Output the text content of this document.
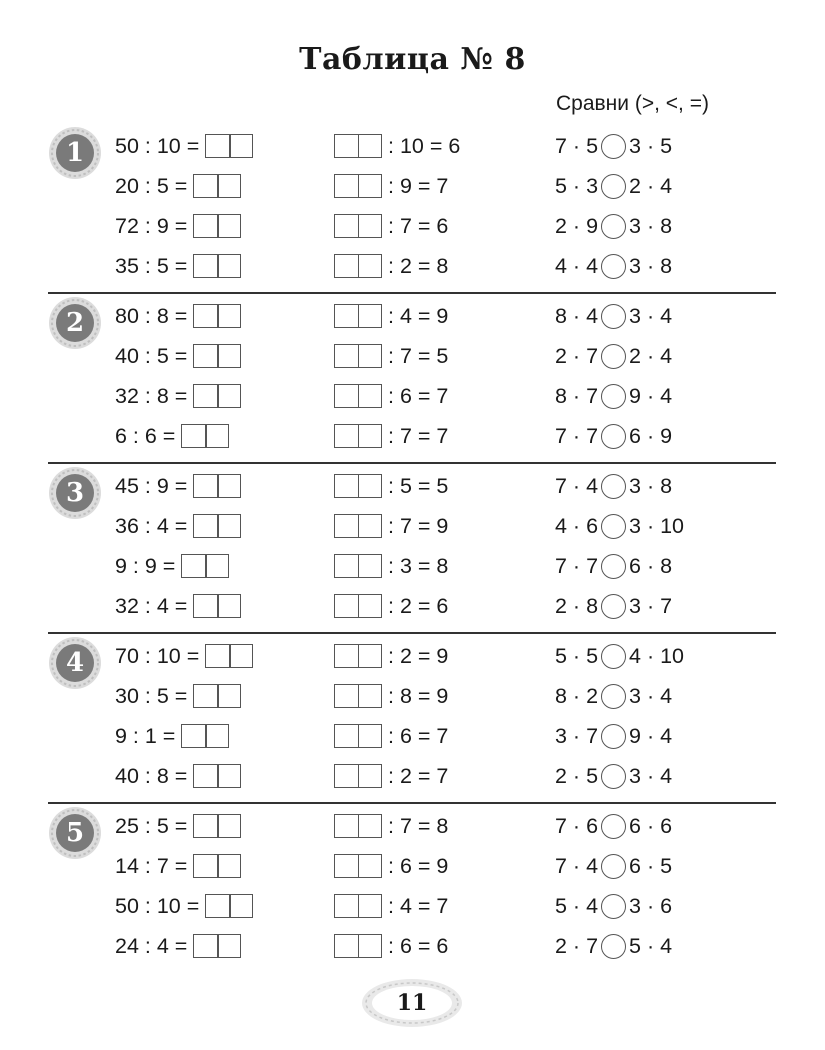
Таблица № 8
Сравни (>, <, =)
1	50 : 10 =	: 10 = 6	7 · 5 3 · 5
20 : 5 =	: 9 = 7	5 · 3 2 · 4
72 : 9 =	: 7 = 6	2 · 9 3 · 8
35 : 5 =	: 2 = 8	4 · 4 3 · 8
2	80 : 8 =	: 4 = 9	8 · 4 3 · 4
40 : 5 =	: 7 = 5	2 · 7 2 · 4
32 : 8 =	: 6 = 7	8 · 7 9 · 4
6 : 6 =	: 7 = 7	7 · 7 6 · 9
3	45 : 9 =	: 5 = 5	7 · 4 3 · 8
36 : 4 =	: 7 = 9	4 · 6 3 · 10
9 : 9 =	: 3 = 8	7 · 7 6 · 8
32 : 4 =	: 2 = 6	2 · 8 3 · 7
4	70 : 10 =	: 2 = 9	5 · 5 4 · 10
30 : 5 =	: 8 = 9	8 · 2 3 · 4
9 : 1 =	: 6 = 7	3 · 7 9 · 4
40 : 8 =	: 2 = 7	2 · 5 3 · 4
5	25 : 5 =	: 7 = 8	7 · 6 6 · 6
14 : 7 =	: 6 = 9	7 · 4 6 · 5
50 : 10 =	: 4 = 7	5 · 4 3 · 6
24 : 4 =	: 6 = 6	2 · 7 5 · 4
11
